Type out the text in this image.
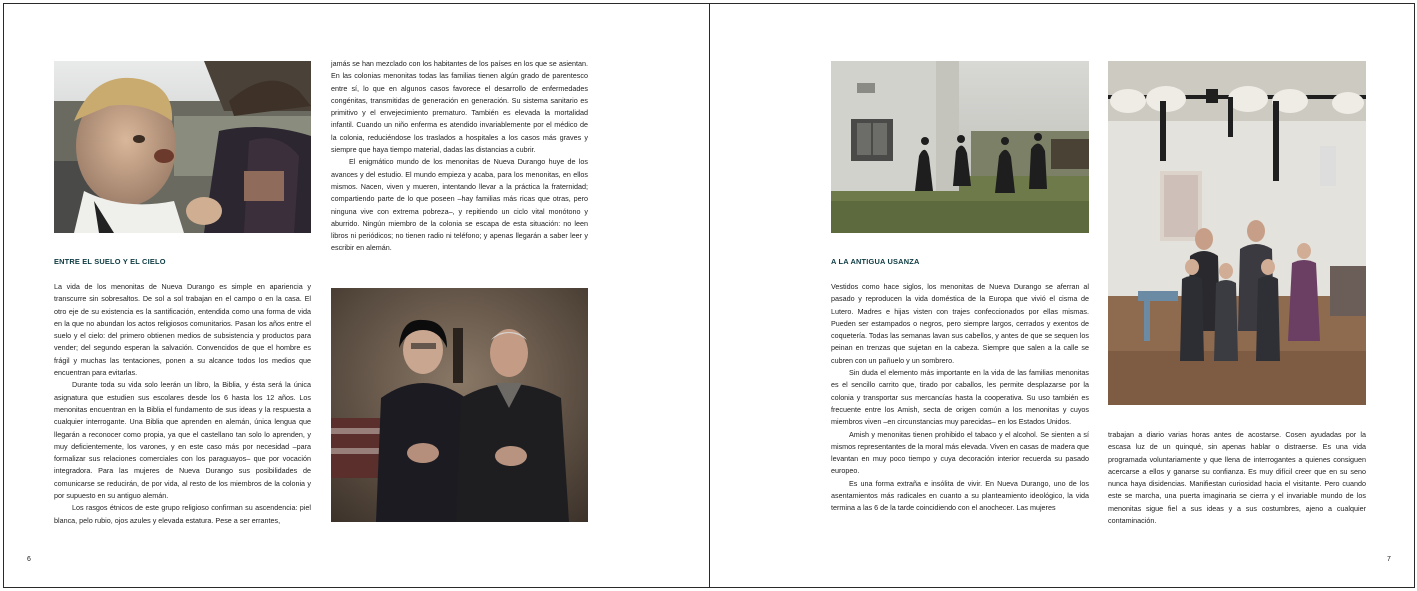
ENTRE EL SUELO Y EL CIELO

La vida de los menonitas de Nueva Durango es simple en apariencia y transcurre sin sobresaltos. De sol a sol trabajan en el campo o en la casa. El otro eje de su existencia es la santificación, entendida como una forma de vida en la que no abundan los actos religiosos comunitarios. Pasan los años entre el suelo y el cielo: del primero obtienen medios de subsistencia y productos para vender; del segundo esperan la salvación. Convencidos de que el hombre es frágil y muchas las tentaciones, ponen a su alcance todos los medios que encuentran para evitarlas.

Durante toda su vida solo leerán un libro, la Biblia, y ésta será la única asignatura que estudien sus escolares desde los 6 hasta los 12 años. Los menonitas encuentran en la Biblia el fundamento de sus ideas y la respuesta a cualquier interrogante. Una Biblia que aprenden en alemán, única lengua que llegarán a reconocer como propia, ya que el castellano tan solo lo aprenden, y muy deficientemente, los varones, y en este caso más por necesidad –para formalizar sus relaciones comerciales con los paraguayos– que por vocación integradora. Para las mujeres de Nueva Durango sus posibilidades de comunicarse se reducirán, de por vida, al resto de los miembros de la colonia y por supuesto en su antiguo alemán.

Los rasgos étnicos de este grupo religioso confirman su ascendencia: piel blanca, pelo rubio, ojos azules y elevada estatura. Pese a ser errantes,

jamás se han mezclado con los habitantes de los países en los que se asientan. En las colonias menonitas todas las familias tienen algún grado de parentesco entre sí, lo que en algunos casos favorece el desarrollo de enfermedades congénitas, transmitidas de generación en generación. Su sistema sanitario es primitivo y el envejecimiento prematuro. También es elevada la mortalidad infantil. Cuando un niño enferma es atendido invariablemente por el médico de la colonia, reduciéndose los traslados a hospitales a los casos más graves y siempre que haya tiempo material, dadas las distancias a cubrir.

El enigmático mundo de los menonitas de Nueva Durango huye de los avances y del estudio. El mundo empieza y acaba, para los menonitas, en ellos mismos. Nacen, viven y mueren, intentando llevar a la práctica la fraternidad; compartiendo parte de lo que poseen –hay familias más ricas que otras, pero ninguna vive con extrema pobreza–, y repitiendo un ciclo vital monótono y aburrido. Ningún miembro de la colonia se escapa de esta situación: no leen libros ni periódicos; no tienen radio ni teléfono; y apenas llegarán a saber leer y escribir en alemán.

6
A LA ANTIGUA USANZA

Vestidos como hace siglos, los menonitas de Nueva Durango se aferran al pasado y reproducen la vida doméstica de la Europa que vivió el cisma de Lutero. Madres e hijas visten con trajes confeccionados por ellas mismas. Pueden ser estampados o negros, pero siempre largos, cerrados y exentos de coquetería. Todas las semanas lavan sus cabellos, y antes de que se sequen los peinan en trenzas que sujetan en la cabeza. Siempre que salen a la calle se cubren con un pañuelo y un sombrero.

Sin duda el elemento más importante en la vida de las familias menonitas es el sencillo carrito que, tirado por caballos, les permite desplazarse por la colonia y transportar sus mercancías hasta la cooperativa. Su uso también es frecuente entre los Amish, secta de origen común a los menonitas y cuyos miembros viven –en circunstancias muy parecidas– en los Estados Unidos.

Amish y menonitas tienen prohibido el tabaco y el alcohol. Se sienten a sí mismos representantes de la moral más elevada. Viven en casas de madera que levantan en muy poco tiempo y cuya decoración interior recuerda su pasado europeo.

Es una forma extraña e insólita de vivir. En Nueva Durango, uno de los asentamientos más radicales en cuanto a su planteamiento ideológico, la vida termina a las 6 de la tarde coincidiendo con el anochecer. Las mujeres

trabajan a diario varias horas antes de acostarse. Cosen ayudadas por la escasa luz de un quinqué, sin apenas hablar o distraerse. Es una vida programada voluntariamente y que llena de interrogantes a quienes consiguen acercarse a ellos y ganarse su confianza. Es muy difícil creer que en su seno nunca haya disidencias. Manifiestan curiosidad hacia el visitante. Pero cuando este se marcha, una puerta imaginaria se cierra y el invariable mundo de los menonitas sigue fiel a sus ideas y a sus costumbres, ajeno a cualquier contaminación.

7
